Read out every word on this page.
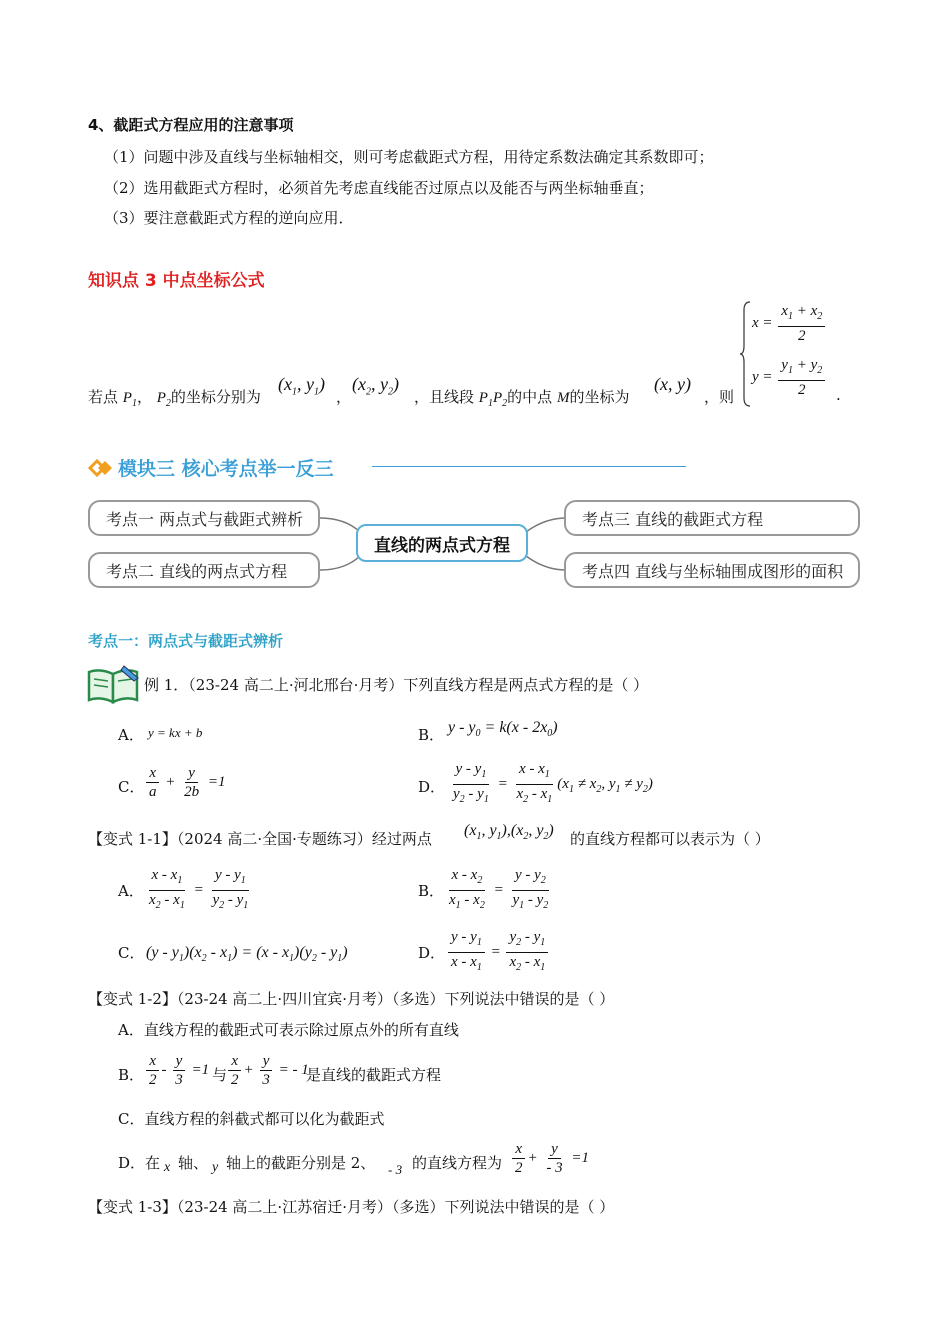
4、截距式方程应用的注意事项
（1）问题中涉及直线与坐标轴相交，则可考虑截距式方程，用待定系数法确定其系数即可；
（2）选用截距式方程时，必须首先考虑直线能否过原点以及能否与两坐标轴垂直；
（3）要注意截距式方程的逆向应用．
知识点 3 中点坐标公式
若点 $P_1$， $P_2$的坐标分别为
($x_1$, $y_1$)
，
($x_2$, $y_2$)
，且线段 $P_1P_2$的中点 M的坐标为
(x, y)
，则
$x = \frac{x_1 + x_2}{2}$
$y = \frac{y_1 + y_2}{2}$ .
模块三 核心考点举一反三
考点一 两点式与截距式辨析
考点二 直线的两点式方程
直线的两点式方程
考点三 直线的截距式方程
考点四 直线与坐标轴围成图形的面积
考点一：两点式与截距式辨析
例 1．（23-24 高二上·河北邢台·月考）下列直线方程是两点式方程的是（ ）
A． y = kx + b	B． $y - y_0 = k(x - 2x_0)$
C． $\frac{x}{a} + \frac{y}{2b} =1$	D． $\frac{y - y_1}{y_2 - y_1} = \frac{x - x_1}{x_2 - x_1} (x_1 \ne x_2$, $y_1 \ne y_2$)
【变式 1-1】（2024 高二·全国·专题练习）经过两点 ($x_1$, $y_1),(x_2$, $y_2$) 的直线方程都可以表示为（ ）
A． $\frac{x - x_1}{x_2 - x_1} = \frac{y - y_1}{y_2 - y_1}$	B． $\frac{x - x_2}{x_1 - x_2} = \frac{y - y_2}{y_1 - y_2}$
C． $(y - y_1)(x_2 - x_1) = (x - x_1)(y_2 - y_1)$	D． $\frac{y - y_1}{x - x_1} = \frac{y_2 - y_1}{x_2 - x_1}$
【变式 1-2】（23-24 高二上·四川宜宾·月考）（多选）下列说法中错误的是（ ）
A．直线方程的截距式可表示除过原点外的所有直线
B． $\frac{x}{2} - \frac{y}{3} =1$ 与 $\frac{x}{2} + \frac{y}{3}$ = - 1
是直线的截距式方程
C．直线方程的斜截式都可以化为截距式
D．在 x 轴、 y 轴上的截距分别是 2、 - 3 的直线方程为 $\frac{x}{2} + \frac{y}{- 3} =1$
【变式 1-3】（23-24 高二上·江苏宿迁·月考）（多选）下列说法中错误的是（ ）
